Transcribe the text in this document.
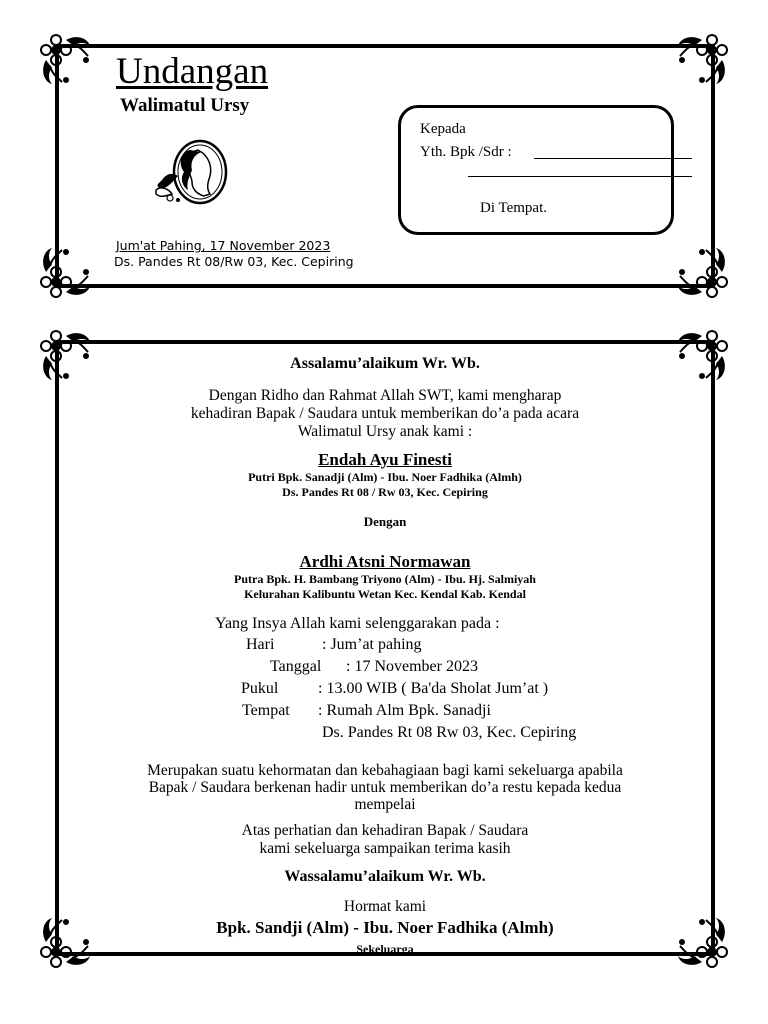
Undangan
Walimatul Ursy
Jum'at Pahing, 17 November 2023
Ds. Pandes Rt 08/Rw 03, Kec. Cepiring
Kepada
Yth. Bpk /Sdr :
Di Tempat.
Assalamu’alaikum Wr. Wb.
Dengan Ridho dan Rahmat Allah SWT, kami mengharap
kehadiran Bapak / Saudara untuk memberikan do’a pada acara
Walimatul Ursy anak kami :
Endah Ayu Finesti
Putri Bpk. Sanadji (Alm) - Ibu. Noer Fadhika (Almh)
Ds. Pandes Rt 08 / Rw 03, Kec. Cepiring
Dengan
Ardhi Atsni Normawan
Putra Bpk. H. Bambang Triyono (Alm) - Ibu. Hj. Salmiyah
Kelurahan Kalibuntu Wetan Kec. Kendal Kab. Kendal
Yang Insya Allah kami selenggarakan pada :
Hari	: Jum’at pahing
Tanggal : 17 November 2023
Pukul : 13.00 WIB ( Ba'da Sholat Jum’at )
Tempat : Rumah Alm Bpk. Sanadji
Ds. Pandes Rt 08 Rw 03, Kec. Cepiring
Merupakan suatu kehormatan dan kebahagiaan bagi kami sekeluarga apabila
Bapak / Saudara berkenan hadir untuk memberikan do’a restu kepada kedua
mempelai
Atas perhatian dan kehadiran Bapak / Saudara
kami sekeluarga sampaikan terima kasih
Wassalamu’alaikum Wr. Wb.
Hormat kami
Bpk. Sandji (Alm) - Ibu. Noer Fadhika (Almh)
Sekeluarga
